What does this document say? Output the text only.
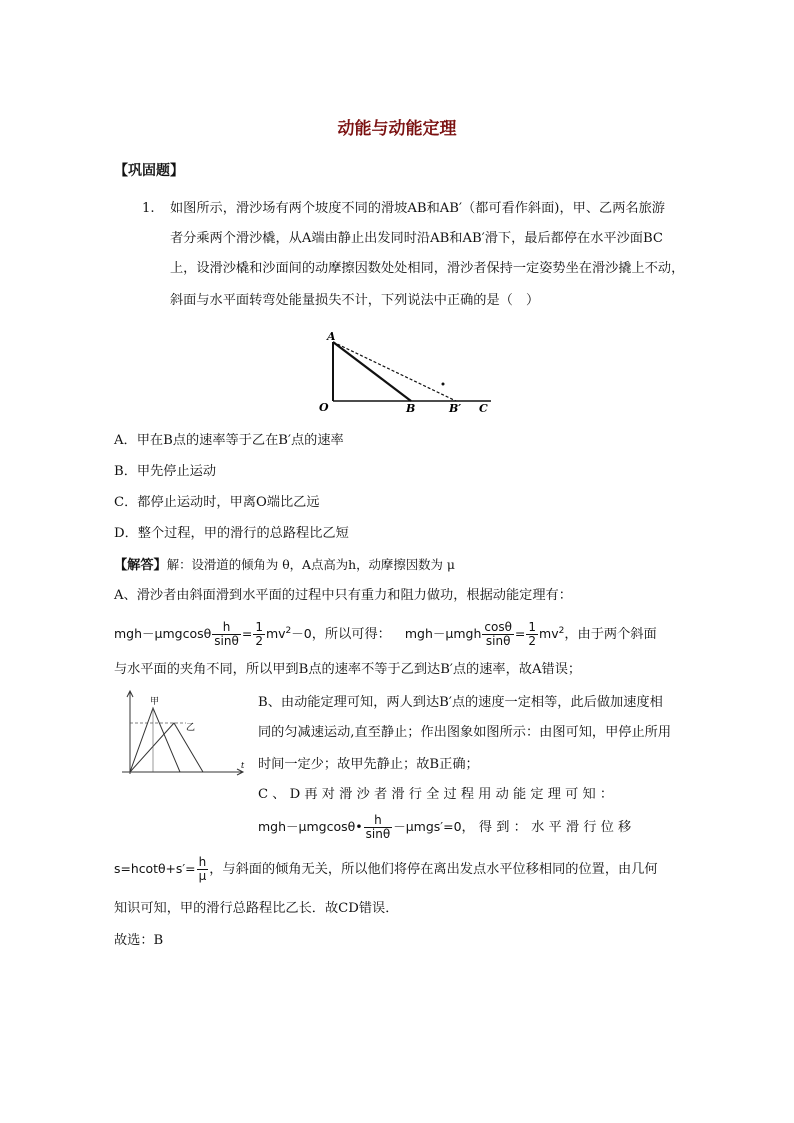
动能与动能定理
【巩固题】
1. 如图所示，滑沙场有两个坡度不同的滑坡AB和AB′（都可看作斜面)，甲、乙两名旅游
者分乘两个滑沙橇，从A端由静止出发同时沿AB和AB′滑下，最后都停在水平沙面BC
上，设滑沙橇和沙面间的动摩擦因数处处相同，滑沙者保持一定姿势坐在滑沙撬上不动，
斜面与水平面转弯处能量损失不计，下列说法中正确的是（　）
A
O	B	B′ C
A．甲在B点的速率等于乙在B′点的速率
B．甲先停止运动
C．都停止运动时，甲离O端比乙远
D．整个过程，甲的滑行的总路程比乙短
【解答】解：设滑道的倾角为 θ，A点高为h，动摩擦因数为 μ
A、滑沙者由斜面滑到水平面的过程中只有重力和阻力做功，根据动能定理有：
$mgh-\mu mgcos\theta \frac{h}{\sin\theta} = \frac{1}{2} mv^2-0$，所以可得： $mgh-\mu mgh \frac{\cos\theta}{\sin\theta} = \frac{1}{2} mv^2$，由于两个斜面
与水平面的夹角不同，所以甲到B点的速率不等于乙到达B′点的速率，故A错误；
甲
乙
t
B、由动能定理可知，两人到达B′点的速度一定相等，此后做加速度相
同的匀减速运动,直至静止；作出图象如图所示：由图可知，甲停止所用
时间一定少；故甲先静止；故B正确；
C 、 D 再 对 滑 沙 者 滑 行 全 过 程 用 动 能 定 理 可 知 ：
mgh－μmgcosθ• $\frac{h}{\sin\theta} -\mu mgs'=0$， 得 到 ： 水 平 滑 行 位 移
$s=hcot\theta+s'= \frac{h}{\mu}$ ，与斜面的倾角无关，所以他们将停在离出发点水平位移相同的位置，由几何
知识可知，甲的滑行总路程比乙长．故CD错误．
故选：B
